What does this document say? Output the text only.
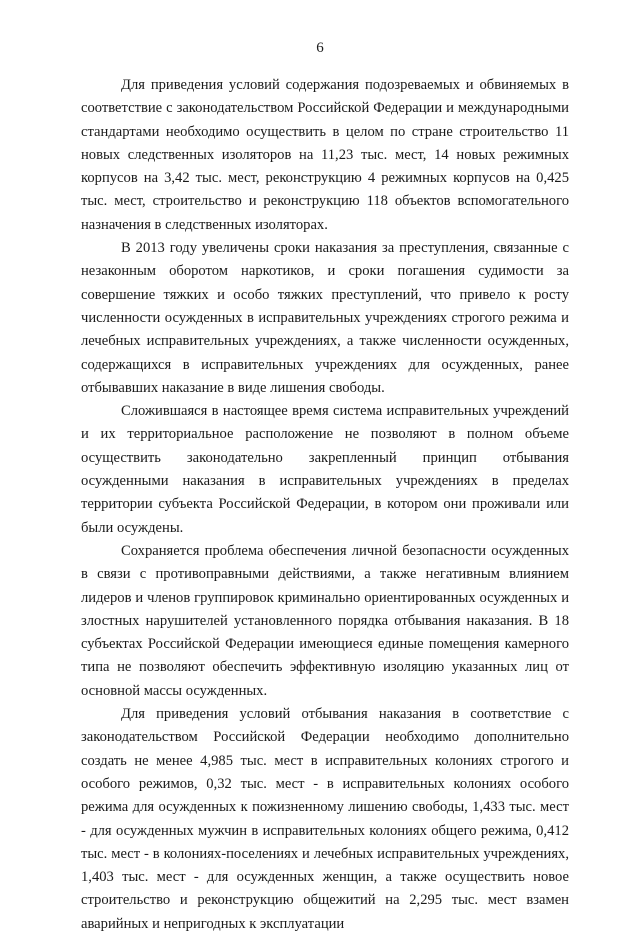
6

Для приведения условий содержания подозреваемых и обвиняемых в соответствие с законодательством Российской Федерации и международными стандартами необходимо осуществить в целом по стране строительство 11 новых следственных изоляторов на 11,23 тыс. мест, 14 новых режимных корпусов на 3,42 тыс. мест, реконструкцию 4 режимных корпусов на 0,425 тыс. мест, строительство и реконструкцию 118 объектов вспомогательного назначения в следственных изоляторах.

В 2013 году увеличены сроки наказания за преступления, связанные с незаконным оборотом наркотиков, и сроки погашения судимости за совершение тяжких и особо тяжких преступлений, что привело к росту численности осужденных в исправительных учреждениях строгого режима и лечебных исправительных учреждениях, а также численности осужденных, содержащихся в исправительных учреждениях для осужденных, ранее отбывавших наказание в виде лишения свободы.

Сложившаяся в настоящее время система исправительных учреждений и их территориальное расположение не позволяют в полном объеме осуществить законодательно закрепленный принцип отбывания осужденными наказания в исправительных учреждениях в пределах территории субъекта Российской Федерации, в котором они проживали или были осуждены.

Сохраняется проблема обеспечения личной безопасности осужденных в связи с противоправными действиями, а также негативным влиянием лидеров и членов группировок криминально ориентированных осужденных и злостных нарушителей установленного порядка отбывания наказания. В 18 субъектах Российской Федерации имеющиеся единые помещения камерного типа не позволяют обеспечить эффективную изоляцию указанных лиц от основной массы осужденных.

Для приведения условий отбывания наказания в соответствие с законодательством Российской Федерации необходимо дополнительно создать не менее 4,985 тыс. мест в исправительных колониях строгого и особого режимов, 0,32 тыс. мест - в исправительных колониях особого режима для осужденных к пожизненному лишению свободы, 1,433 тыс. мест - для осужденных мужчин в исправительных колониях общего режима, 0,412 тыс. мест - в колониях-поселениях и лечебных исправительных учреждениях, 1,403 тыс. мест - для осужденных женщин, а также осуществить новое строительство и реконструкцию общежитий на 2,295 тыс. мест взамен аварийных и непригодных к эксплуатации
